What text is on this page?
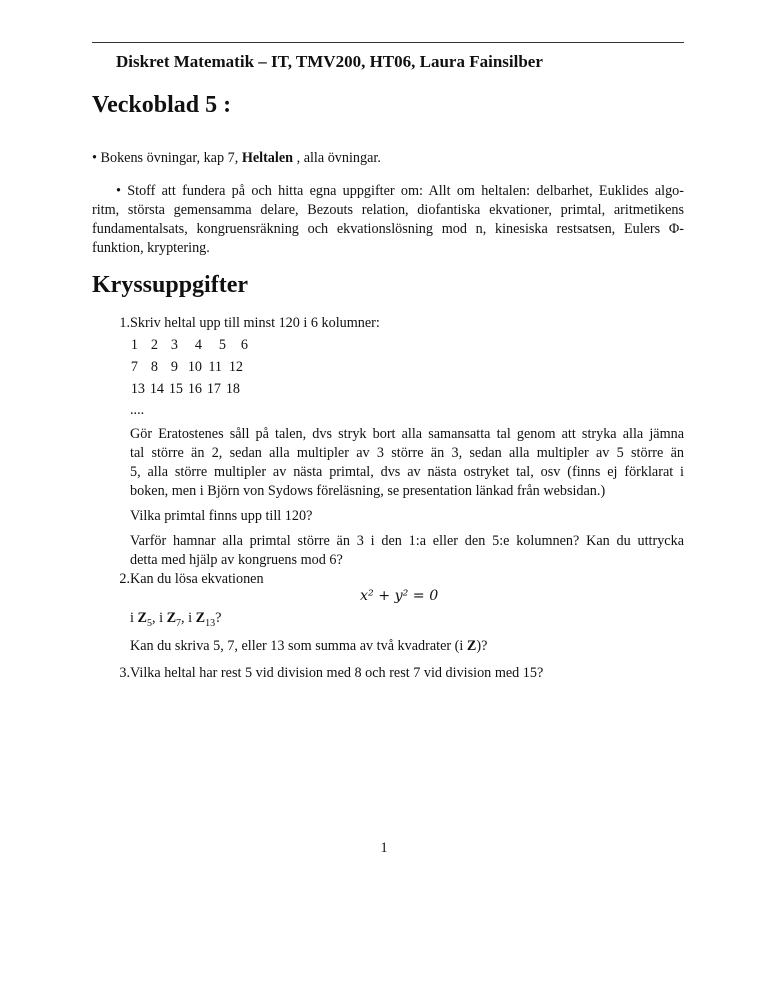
Diskret Matematik – IT, TMV200, HT06, Laura Fainsilber
Veckoblad 5 :

• Bokens övningar, kap 7, Heltalen , alla övningar.

• Stoff att fundera på och hitta egna uppgifter om: Allt om heltalen: delbarhet, Euklides algo-
ritm, största gemensamma delare, Bezouts relation, diofantiska ekvationer, primtal, aritmetikens
fundamentalsats, kongruensräkning och ekvationslösning mod n, kinesiska restsatsen, Eulers Φ-
funktion, kryptering.
Kryssuppgifter
1. Skriv heltal upp till minst 120 i 6 kolumner:

1 2 3	4	5	6
7 8 9 10 11 12
13 14 15 16 17 18
....
Gör Eratostenes såll på talen, dvs stryk bort alla samansatta tal genom att stryka alla jämna
tal större än 2, sedan alla multipler av 3 större än 3, sedan alla multipler av 5 större än
5, alla större multipler av nästa primtal, dvs av nästa ostryket tal, osv (finns ej förklarat i
boken, men i Björn von Sydows föreläsning, se presentation länkad från websidan.)

Vilka primtal finns upp till 120?

Varför hamnar alla primtal större än 3 i den 1:a eller den 5:e kolumnen? Kan du uttrycka
detta med hjälp av kongruens mod 6?
2. Kan du lösa ekvationen

x² + y² = 0

i $Z_5$, i $Z_7$, i $Z_{13}$?

Kan du skriva 5, 7, eller 13 som summa av två kvadrater (i Z)?

3. Vilka heltal har rest 5 vid division med 8 och rest 7 vid division med 15?

1
